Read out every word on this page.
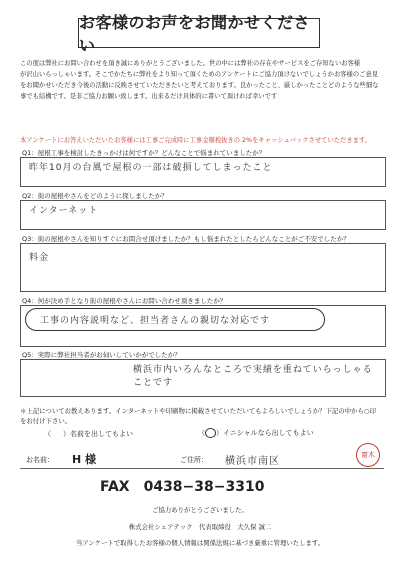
お客様のお声をお聞かせください
この度は弊社にお問い合わせを頂き誠にありがとうございました。世の中には弊社の存在やサービスをご存知ないお客様
が沢山いらっしゃいます。そこでかたちに弊社をより知って頂くためのアンケートにご協力頂けないでしょうかお客様のご意見
をお聞かせいただき今後の活動に反映させていただきたいと考えております。良かったこと、厳しかったことどのような些細な
事でも結構です。是非ご協力お願い致します。出来るだけ具体的に書いて頂ければ幸いです
本アンケートにお答えいただいたお客様には工事ご完成時に工事金額税抜きの 2%をキャッシュバックさせていただきます。
Q1：屋根工事を検討したきっかけは何ですか？どんなことで悩まれていましたか？
昨年10月の台風で屋根の一部は破損してしまったこと
Q2：街の屋根やさんをどのように探しましたか？
インターネット
Q3：街の屋根やさんを知りすぐにお問合せ頂けましたか？もし悩まれたとしたらどんなことがご不安でしたか？
料金
Q4：何が決め手となり街の屋根やさんにお問い合わせ頂きましたか？
工事の内容説明など、担当者さんの親切な対応です
Q5：実際に弊社担当者がお伺いしていかがでしたか？
横浜市内いろんなところで実績を重ねていらっしゃることです
＊上記についてお教えあります。インターネットや印刷物に掲載させていただいてもよろしいでしょうか？下記の中から○印
をお付け下さい。
（ ）名前を出してもよい	（ ）イニシャルなら出してもよい
お名前： H 様	ご住所： 横浜市南区
齋木
FAX　0438−38−3310
ご協力ありがとうございました。
株式会社シェアテック　代表取締役　大久保 誠二
当アンケートで取得したお客様の個人情報は関係法規に基づき厳重に管理いたします。
